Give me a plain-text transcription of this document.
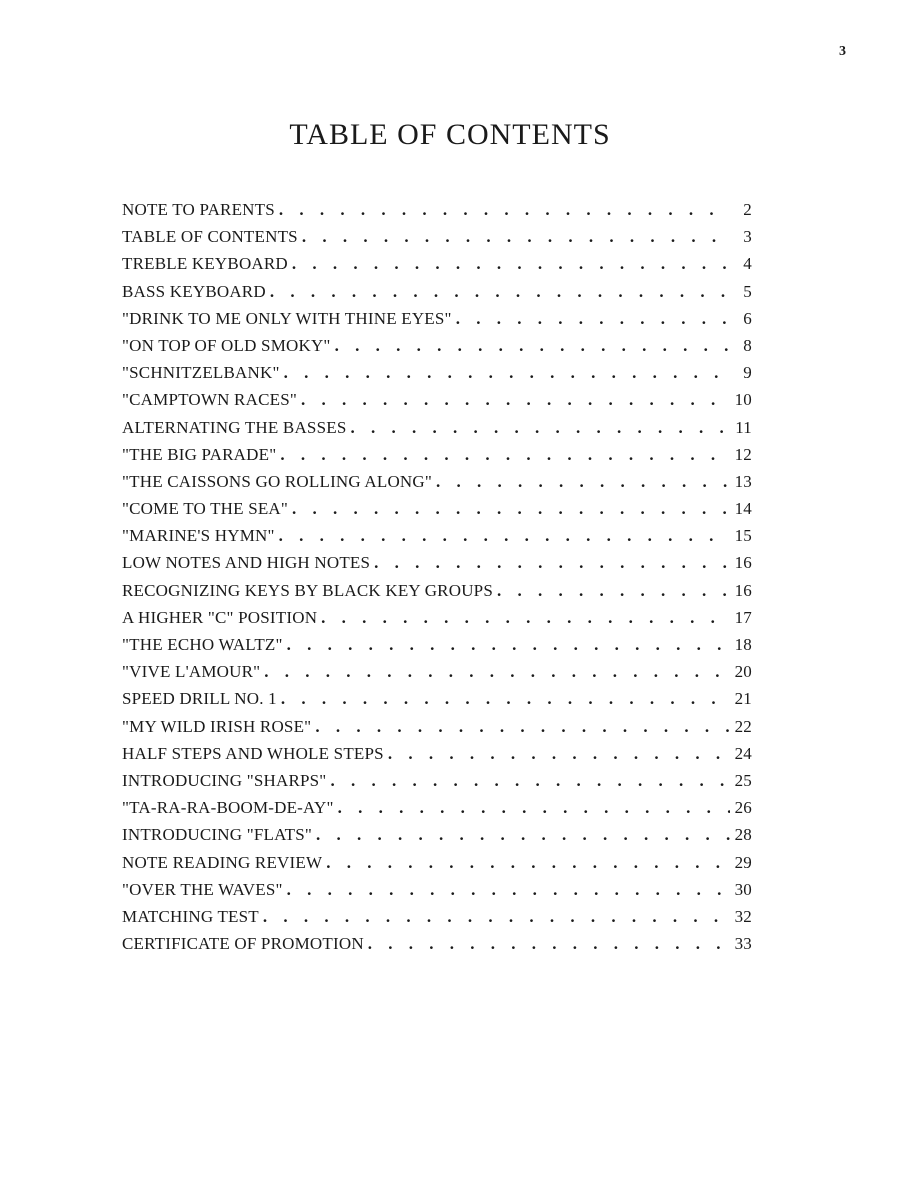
3
TABLE OF CONTENTS
NOTE TO PARENTS . . .	2
TABLE OF CONTENTS . . .	3
TREBLE KEYBOARD . . .	4
BASS KEYBOARD . . .	5
"DRINK TO ME ONLY WITH THINE EYES" . . .	6
"ON TOP OF OLD SMOKY" . . .	8
"SCHNITZELBANK" . . .	9
"CAMPTOWN RACES" . . .	10
ALTERNATING THE BASSES . . .	11
"THE BIG PARADE" . . .	12
"THE CAISSONS GO ROLLING ALONG" . . .	13
"COME TO THE SEA" . . .	14
"MARINE'S HYMN" . . .	15
LOW NOTES AND HIGH NOTES . . .	16
RECOGNIZING KEYS BY BLACK KEY GROUPS . . .	16
A HIGHER "C" POSITION . . .	17
"THE ECHO WALTZ" . . .	18
"VIVE L'AMOUR" . . .	20
SPEED DRILL NO. 1 . . .	21
"MY WILD IRISH ROSE" . . .	22
HALF STEPS AND WHOLE STEPS . . .	24
INTRODUCING "SHARPS" . . .	25
"TA-RA-RA-BOOM-DE-AY" . . .	26
INTRODUCING "FLATS" . . .	28
NOTE READING REVIEW . . .	29
"OVER THE WAVES" . . .	30
MATCHING TEST . . .	32
CERTIFICATE OF PROMOTION . . .	33
